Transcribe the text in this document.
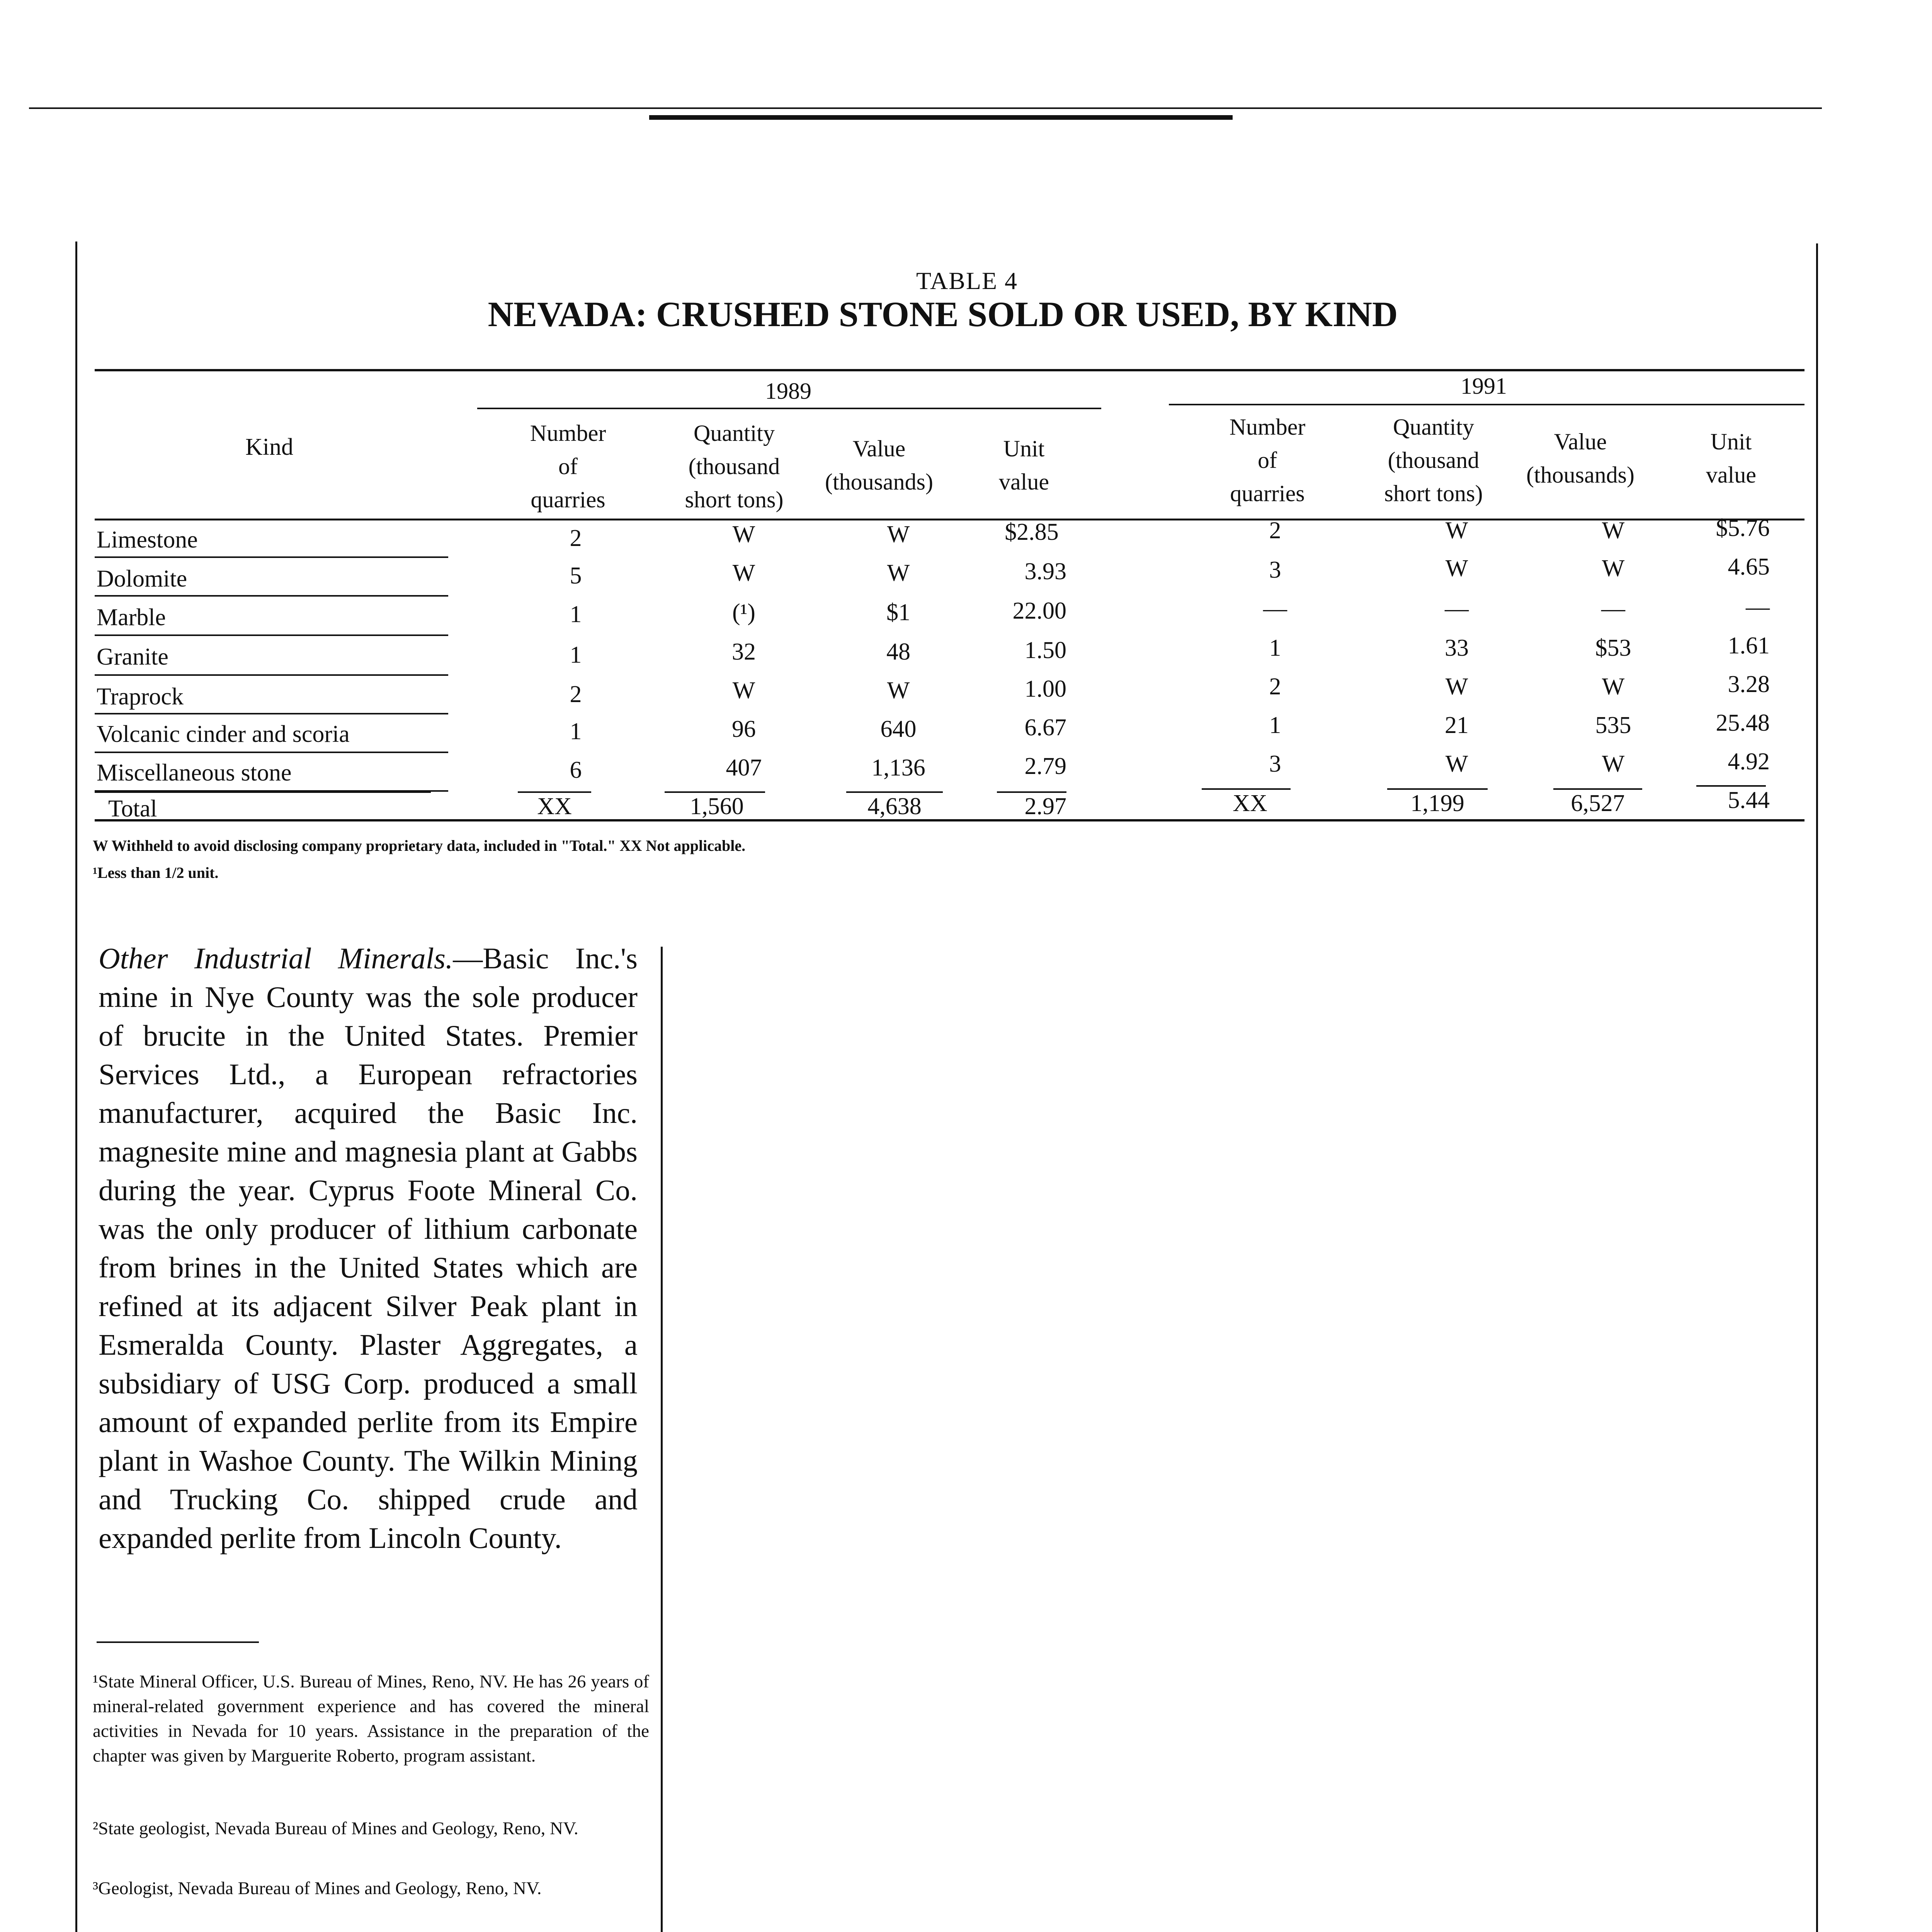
TABLE 4
NEVADA: CRUSHED STONE SOLD OR USED, BY KIND
1989	1991
Kind
Number
of
quarries
Quantity
(thousand
short tons)
Value
(thousands)
Unit
value
Number
of
quarries
Quantity
(thousand
short tons)
Value
(thousands)
Unit
value
Limestone	2	W	W	$2.85	2	W	W	$5.76
Dolomite	5	W	W	3.93	3	W	W	4.65
Marble	1	(¹)	$1	22.00	—	—	—	—
Granite	1	32	48	1.50	1	33	$53	1.61
Traprock	2	W	W	1.00	2	W	W	3.28
Volcanic cinder and scoria	1	96	640	6.67	1	21	535	25.48
Miscellaneous stone	6	407	1,136	2.79	3	W	W	4.92
Total	XX	1,560	4,638	2.97	XX	1,199	6,527	5.44
W Withheld to avoid disclosing company proprietary data, included in "Total." XX Not applicable.
¹Less than 1/2 unit.
Other Industrial Minerals.—Basic Inc.'s mine in Nye County was the sole producer of brucite in the United States. Premier Services Ltd., a European refractories manufacturer, acquired the Basic Inc. magnesite mine and magnesia plant at Gabbs during the year. Cyprus Foote Mineral Co. was the only producer of lithium carbonate from brines in the United States which are refined at its adjacent Silver Peak plant in Esmeralda County. Plaster Aggregates, a subsidiary of USG Corp. produced a small amount of expanded perlite from its Empire plant in Washoe County. The Wilkin Mining and Trucking Co. shipped crude and expanded perlite from Lincoln County.
¹State Mineral Officer, U.S. Bureau of Mines, Reno, NV. He has 26 years of mineral-related government experience and has covered the mineral activities in Nevada for 10 years. Assistance in the preparation of the chapter was given by Marguerite Roberto, program assistant.
²State geologist, Nevada Bureau of Mines and Geology, Reno, NV.
³Geologist, Nevada Bureau of Mines and Geology, Reno, NV.
